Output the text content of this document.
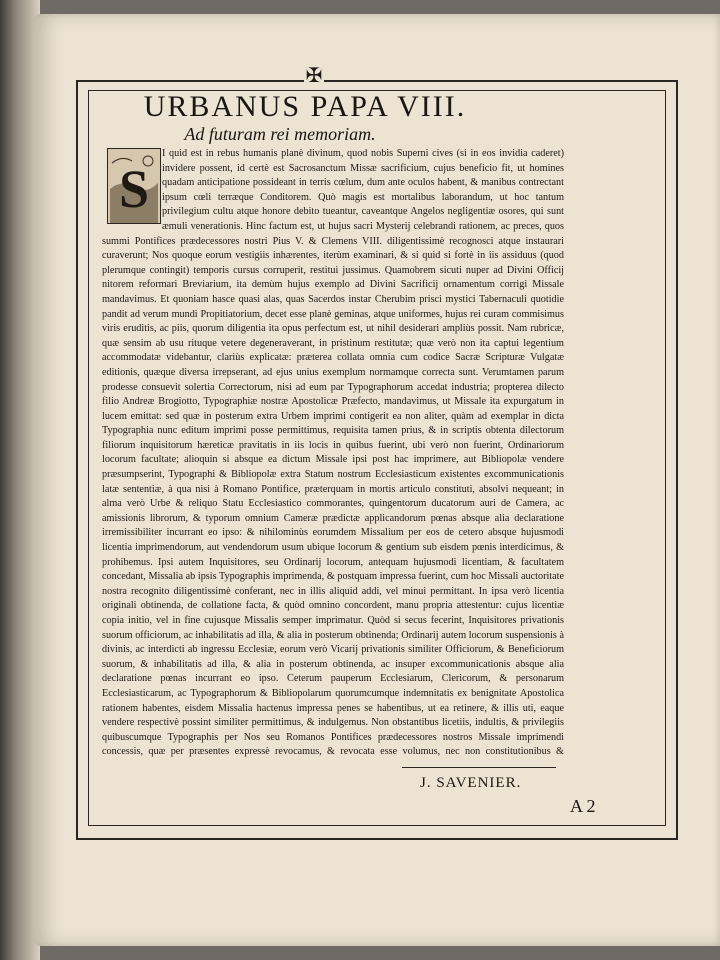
✠
URBANUS PAPA VIII.
Ad futuram rei memoriam.
S

I quid est in rebus humanis planè divinum, quod nobis Superni cives (si in eos invidia caderet) invidere possent, id certè est Sacrosanctum Missæ sacrificium, cujus beneficio fit, ut homines quadam anticipatione possideant in terris cœlum, dum ante oculos habent, & manibus contrectant ipsum cœli terræque Conditorem. Quò magis est mortalibus laborandum, ut hoc tantum privilegium cultu atque honore debito tueantur, caveantque Angelos negligentiæ osores, qui sunt æmuli venerationis. Hinc factum est, ut hujus sacri Mysterij celebrandi rationem, ac preces, quos summi Pontifices prædecessores nostri Pius V. & Clemens VIII. diligentissimè recognosci atque instaurari curaverunt; Nos quoque eorum vestigiis inhærentes, iterùm examinari, & si quid si fortè in iis assiduus (quod plerumque contingit) temporis cursus corruperit, restitui jussimus. Quamobrem sicuti nuper ad Divini Officij nitorem reformari Breviarium, ita demùm hujus exemplo ad Divini Sacrificij ornamentum corrigi Missale mandavimus. Et quoniam hasce quasi alas, quas Sacerdos instar Cherubim prisci mystici Tabernaculi quotidie pandit ad verum mundi Propitiatorium, decet esse planè geminas, atque uniformes, hujus rei curam commisimus viris eruditis, ac piis, quorum diligentia ita opus perfectum est, ut nihil desiderari ampliùs possit. Nam rubricæ, quæ sensim ab usu rituque vetere degeneraverant, in pristinum restitutæ; quæ verò non ita captui legentium accommodatæ videbantur, clariùs explicatæ: præterea collata omnia cum codice Sacræ Scripturæ Vulgatæ editionis, quæque diversa irrepserant, ad ejus unius exemplum normamque correcta sunt. Verumtamen parum prodesse consuevit solertia Correctorum, nisi ad eum par Typographorum accedat industria; propterea dilecto filio Andreæ Brogiotto, Typographiæ nostræ Apostolicæ Præfecto, mandavimus, ut Missale ita expurgatum in lucem emittat: sed quæ in posterum extra Urbem imprimi contigerit ea non aliter, quàm ad exemplar in dicta Typographia nunc editum imprimi posse permittimus, requisita tamen prius, & in scriptis obtenta dilectorum filiorum inquisitorum hæreticæ pravitatis in iis locis in quibus fuerint, ubi verò non fuerint, Ordinariorum locorum facultate; alioquin si absque ea dictum Missale ipsi post hac imprimere, aut Bibliopolæ vendere præsumpserint, Typographi & Bibliopolæ extra Statum nostrum Ecclesiasticum existentes excommunicationis latæ sententiæ, à qua nisi à Romano Pontifice, præterquam in mortis articulo constituti, absolvi nequeant; in alma verò Urbe & reliquo Statu Ecclesiastico commorantes, quingentorum ducatorum auri de Camera, ac amissionis librorum, & typorum omnium Cameræ prædictæ applicandorum pœnas absque alia declaratione irremissibiliter incurrant eo ipso: & nihilominùs eorumdem Missalium per eos de cetero absque hujusmodi licentia imprimendorum, aut vendendorum usum ubique locorum & gentium sub eisdem pœnis interdicimus, & prohibemus. Ipsi autem Inquisitores, seu Ordinarij locorum, antequam hujusmodi licentiam, & facultatem concedant, Missalia ab ipsis Typographis imprimenda, & postquam impressa fuerint, cum hoc Missali auctoritate nostra recognito diligentissimè conferant, nec in illis aliquid addi, vel minui permittant. In ipsa verò licentia originali obtinenda, de collatione facta, & quòd omnino concordent, manu propria attestentur: cujus licentiæ copia initio, vel in fine cujusque Missalis semper imprimatur. Quòd si secus fecerint, Inquisitores privationis suorum officiorum, ac inhabilitatis ad illa, & alia in posterum obtinenda; Ordinarij autem locorum suspensionis à divinis, ac interdicti ab ingressu Ecclesiæ, eorum verò Vicarij privationis similiter Officiorum, & Beneficiorum suorum, & inhabilitatis ad illa, & alia in posterum obtinenda, ac insuper excommunicationis absque alia declaratione pœnas incurrant eo ipso. Ceterum pauperum Ecclesiarum, Clericorum, & personarum Ecclesiasticarum, ac Typographorum & Bibliopolarum quorumcumque indemnitatis ex benignitate Apostolica rationem habentes, eisdem Missalia hactenus impressa penes se habentibus, ut ea retinere, & illis uti, eaque vendere respectivè possint similiter permittimus, & indulgemus. Non obstantibus licetiis, indultis, & privilegiis quibuscumque Typographis per Nos seu Romanos Pontifices prædecessores nostros Missale imprimendi concessis, quæ per præsentes expressè revocamus, & revocata esse volumus, nec non constitutionibus &

J. SAVENIER.
A 2
